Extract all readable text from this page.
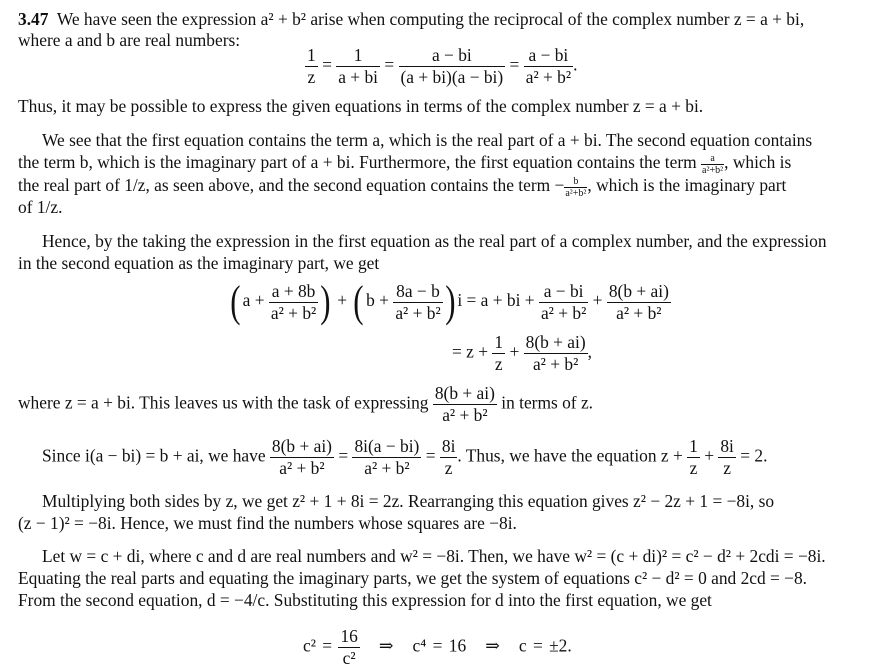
3.47 We have seen the expression a² + b² arise when computing the reciprocal of the complex number z = a + bi,
where a and b are real numbers:
$\frac{1}{z} = \frac{1}{a + bi} = \frac{a - bi}{(a + bi)(a - bi)} = \frac{a - bi}{\text{a² + b²}}$ .
Thus, it may be possible to express the given equations in terms of the complex number z = a + bi.
We see that the first equation contains the term a, which is the real part of a + bi. The second equation contains
the term b, which is the imaginary part of a + bi. Furthermore, the first equation contains the term $\frac{a}{\text{a²+b²}}$ , which is
the real part of 1/z, as seen above, and the second equation contains the term − $\frac{b}{\text{a²+b²}}$ , which is the imaginary part
of 1/z.
Hence, by the taking the expression in the first equation as the real part of a complex number, and the expression
in the second equation as the imaginary part, we get
( $a + \frac{a + 8b}{\text{a² + b²}}$ ) + ( $b + \frac{8a - b}{\text{a² + b²}}$ ) i = a + bi + $\frac{a - bi}{\text{a² + b²}} + \frac{8(b + ai)}{\text{a² + b²}}$
= $z + \frac{1}{z} + \frac{8(b + ai)}{\text{a² + b²}}$ ,
where z = a + bi. This leaves us with the task of expressing $\frac{8(b + ai)}{\text{a² + b²}}$ in terms of z.
Since i(a − bi) = b + ai, we have $\frac{8(b + ai)}{\text{a² + b²}} = \frac{8i(a - bi)}{\text{a² + b²}} = \frac{8i}{z}$ . Thus, we have the equation $z + \frac{1}{z} + \frac{8i}{z} = 2$.
Multiplying both sides by z, we get z² + 1 + 8i = 2z. Rearranging this equation gives z² − 2z + 1 = −8i, so
(z − 1)² = −8i. Hence, we must find the numbers whose squares are −8i.
Let w = c + di, where c and d are real numbers and w² = −8i. Then, we have w² = (c + di)² = c² − d² + 2cdi = −8i.
Equating the real parts and equating the imaginary parts, we get the system of equations c² − d² = 0 and 2cd = −8.
From the second equation, d = −4/c. Substituting this expression for d into the first equation, we get
$c^2 = \frac{16}{\text{c²}}$ ⇒ c⁴ = 16 ⇒ c = ±2.
